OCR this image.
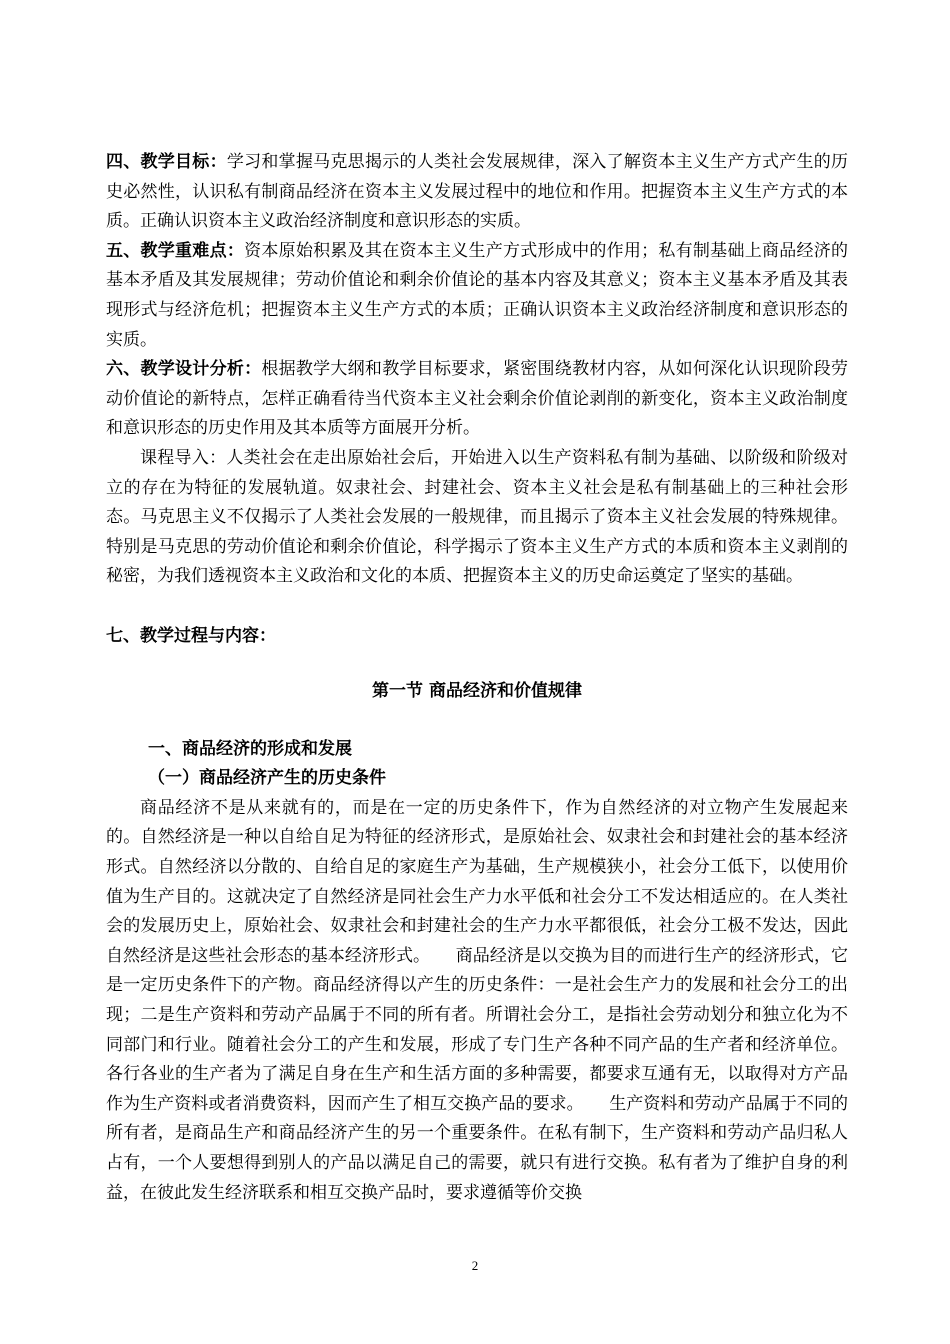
四、教学目标：学习和掌握马克思揭示的人类社会发展规律，深入了解资本主义生产方式产生的历史必然性，认识私有制商品经济在资本主义发展过程中的地位和作用。把握资本主义生产方式的本质。正确认识资本主义政治经济制度和意识形态的实质。

五、教学重难点：资本原始积累及其在资本主义生产方式形成中的作用；私有制基础上商品经济的基本矛盾及其发展规律；劳动价值论和剩余价值论的基本内容及其意义；资本主义基本矛盾及其表现形式与经济危机；把握资本主义生产方式的本质；正确认识资本主义政治经济制度和意识形态的实质。

六、教学设计分析：根据教学大纲和教学目标要求，紧密围绕教材内容，从如何深化认识现阶段劳动价值论的新特点，怎样正确看待当代资本主义社会剩余价值论剥削的新变化，资本主义政治制度和意识形态的历史作用及其本质等方面展开分析。

课程导入：人类社会在走出原始社会后，开始进入以生产资料私有制为基础、以阶级和阶级对立的存在为特征的发展轨道。奴隶社会、封建社会、资本主义社会是私有制基础上的三种社会形态。马克思主义不仅揭示了人类社会发展的一般规律，而且揭示了资本主义社会发展的特殊规律。特别是马克思的劳动价值论和剩余价值论，科学揭示了资本主义生产方式的本质和资本主义剥削的秘密，为我们透视资本主义政治和文化的本质、把握资本主义的历史命运奠定了坚实的基础。

七、教学过程与内容：

第一节 商品经济和价值规律

一、商品经济的形成和发展

（一）商品经济产生的历史条件

商品经济不是从来就有的，而是在一定的历史条件下，作为自然经济的对立物产生发展起来的。自然经济是一种以自给自足为特征的经济形式，是原始社会、奴隶社会和封建社会的基本经济形式。自然经济以分散的、自给自足的家庭生产为基础，生产规模狭小，社会分工低下，以使用价值为生产目的。这就决定了自然经济是同社会生产力水平低和社会分工不发达相适应的。在人类社会的发展历史上，原始社会、奴隶社会和封建社会的生产力水平都很低，社会分工极不发达，因此自然经济是这些社会形态的基本经济形式。　　商品经济是以交换为目的而进行生产的经济形式，它是一定历史条件下的产物。商品经济得以产生的历史条件：一是社会生产力的发展和社会分工的出现；二是生产资料和劳动产品属于不同的所有者。所谓社会分工，是指社会劳动划分和独立化为不同部门和行业。随着社会分工的产生和发展，形成了专门生产各种不同产品的生产者和经济单位。各行各业的生产者为了满足自身在生产和生活方面的多种需要，都要求互通有无，以取得对方产品作为生产资料或者消费资料，因而产生了相互交换产品的要求。　　生产资料和劳动产品属于不同的所有者，是商品生产和商品经济产生的另一个重要条件。在私有制下，生产资料和劳动产品归私人占有，一个人要想得到别人的产品以满足自己的需要，就只有进行交换。私有者为了维护自身的利益，在彼此发生经济联系和相互交换产品时，要求遵循等价交换

2
